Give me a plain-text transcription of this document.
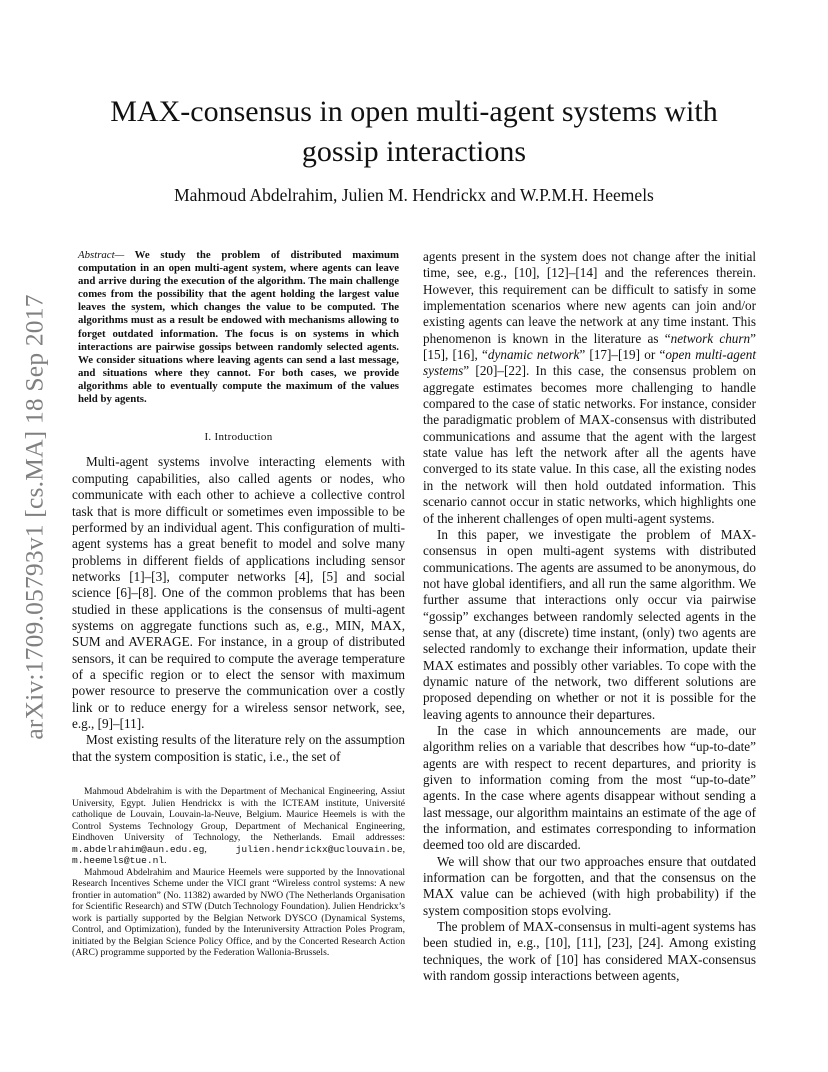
arXiv:1709.05793v1 [cs.MA] 18 Sep 2017
MAX-consensus in open multi-agent systems with
gossip interactions
Mahmoud Abdelrahim, Julien M. Hendrickx and W.P.M.H. Heemels

Abstract— We study the problem of distributed maximum computation in an open multi-agent system, where agents can leave and arrive during the execution of the algorithm. The main challenge comes from the possibility that the agent holding the largest value leaves the system, which changes the value to be computed. The algorithms must as a result be endowed with mechanisms allowing to forget outdated information. The focus is on systems in which interactions are pairwise gossips between randomly selected agents. We consider situations where leaving agents can send a last message, and situations where they cannot. For both cases, we provide algorithms able to eventually compute the maximum of the values held by agents.

I. Introduction

Multi-agent systems involve interacting elements with computing capabilities, also called agents or nodes, who communicate with each other to achieve a collective control task that is more difficult or sometimes even impossible to be performed by an individual agent. This configuration of multi-agent systems has a great benefit to model and solve many problems in different fields of applications including sensor networks [1]–[3], computer networks [4], [5] and social science [6]–[8]. One of the common problems that has been studied in these applications is the consensus of multi-agent systems on aggregate functions such as, e.g., MIN, MAX, SUM and AVERAGE. For instance, in a group of distributed sensors, it can be required to compute the average temperature of a specific region or to elect the sensor with maximum power resource to preserve the communication over a costly link or to reduce energy for a wireless sensor network, see, e.g., [9]–[11].

Most existing results of the literature rely on the assumption that the system composition is static, i.e., the set of

Mahmoud Abdelrahim is with the Department of Mechanical Engineering, Assiut University, Egypt. Julien Hendrickx is with the ICTEAM institute, Université catholique de Louvain, Louvain-la-Neuve, Belgium. Maurice Heemels is with the Control Systems Technology Group, Department of Mechanical Engineering, Eindhoven University of Technology, the Netherlands. Email addresses: m.abdelrahim@aun.edu.eg, julien.hendrickx@uclouvain.be, m.heemels@tue.nl.

Mahmoud Abdelrahim and Maurice Heemels were supported by the Innovational Research Incentives Scheme under the VICI grant “Wireless control systems: A new frontier in automation” (No. 11382) awarded by NWO (The Netherlands Organisation for Scientific Research) and STW (Dutch Technology Foundation). Julien Hendrickx’s work is partially supported by the Belgian Network DYSCO (Dynamical Systems, Control, and Optimization), funded by the Interuniversity Attraction Poles Program, initiated by the Belgian Science Policy Office, and by the Concerted Research Action (ARC) programme supported by the Federation Wallonia-Brussels.

agents present in the system does not change after the initial time, see, e.g., [10], [12]–[14] and the references therein. However, this requirement can be difficult to satisfy in some implementation scenarios where new agents can join and/or existing agents can leave the network at any time instant. This phenomenon is known in the literature as “network churn” [15], [16], “dynamic network” [17]–[19] or “open multi-agent systems” [20]–[22]. In this case, the consensus problem on aggregate estimates becomes more challenging to handle compared to the case of static networks. For instance, consider the paradigmatic problem of MAX-consensus with distributed communications and assume that the agent with the largest state value has left the network after all the agents have converged to its state value. In this case, all the existing nodes in the network will then hold outdated information. This scenario cannot occur in static networks, which highlights one of the inherent challenges of open multi-agent systems.

In this paper, we investigate the problem of MAX-consensus in open multi-agent systems with distributed communications. The agents are assumed to be anonymous, do not have global identifiers, and all run the same algorithm. We further assume that interactions only occur via pairwise “gossip” exchanges between randomly selected agents in the sense that, at any (discrete) time instant, (only) two agents are selected randomly to exchange their information, update their MAX estimates and possibly other variables. To cope with the dynamic nature of the network, two different solutions are proposed depending on whether or not it is possible for the leaving agents to announce their departures.

In the case in which announcements are made, our algorithm relies on a variable that describes how “up-to-date” agents are with respect to recent departures, and priority is given to information coming from the most “up-to-date” agents. In the case where agents disappear without sending a last message, our algorithm maintains an estimate of the age of the information, and estimates corresponding to information deemed too old are discarded.

We will show that our two approaches ensure that outdated information can be forgotten, and that the consensus on the MAX value can be achieved (with high probability) if the system composition stops evolving.

The problem of MAX-consensus in multi-agent systems has been studied in, e.g., [10], [11], [23], [24]. Among existing techniques, the work of [10] has considered MAX-consensus with random gossip interactions between agents,
